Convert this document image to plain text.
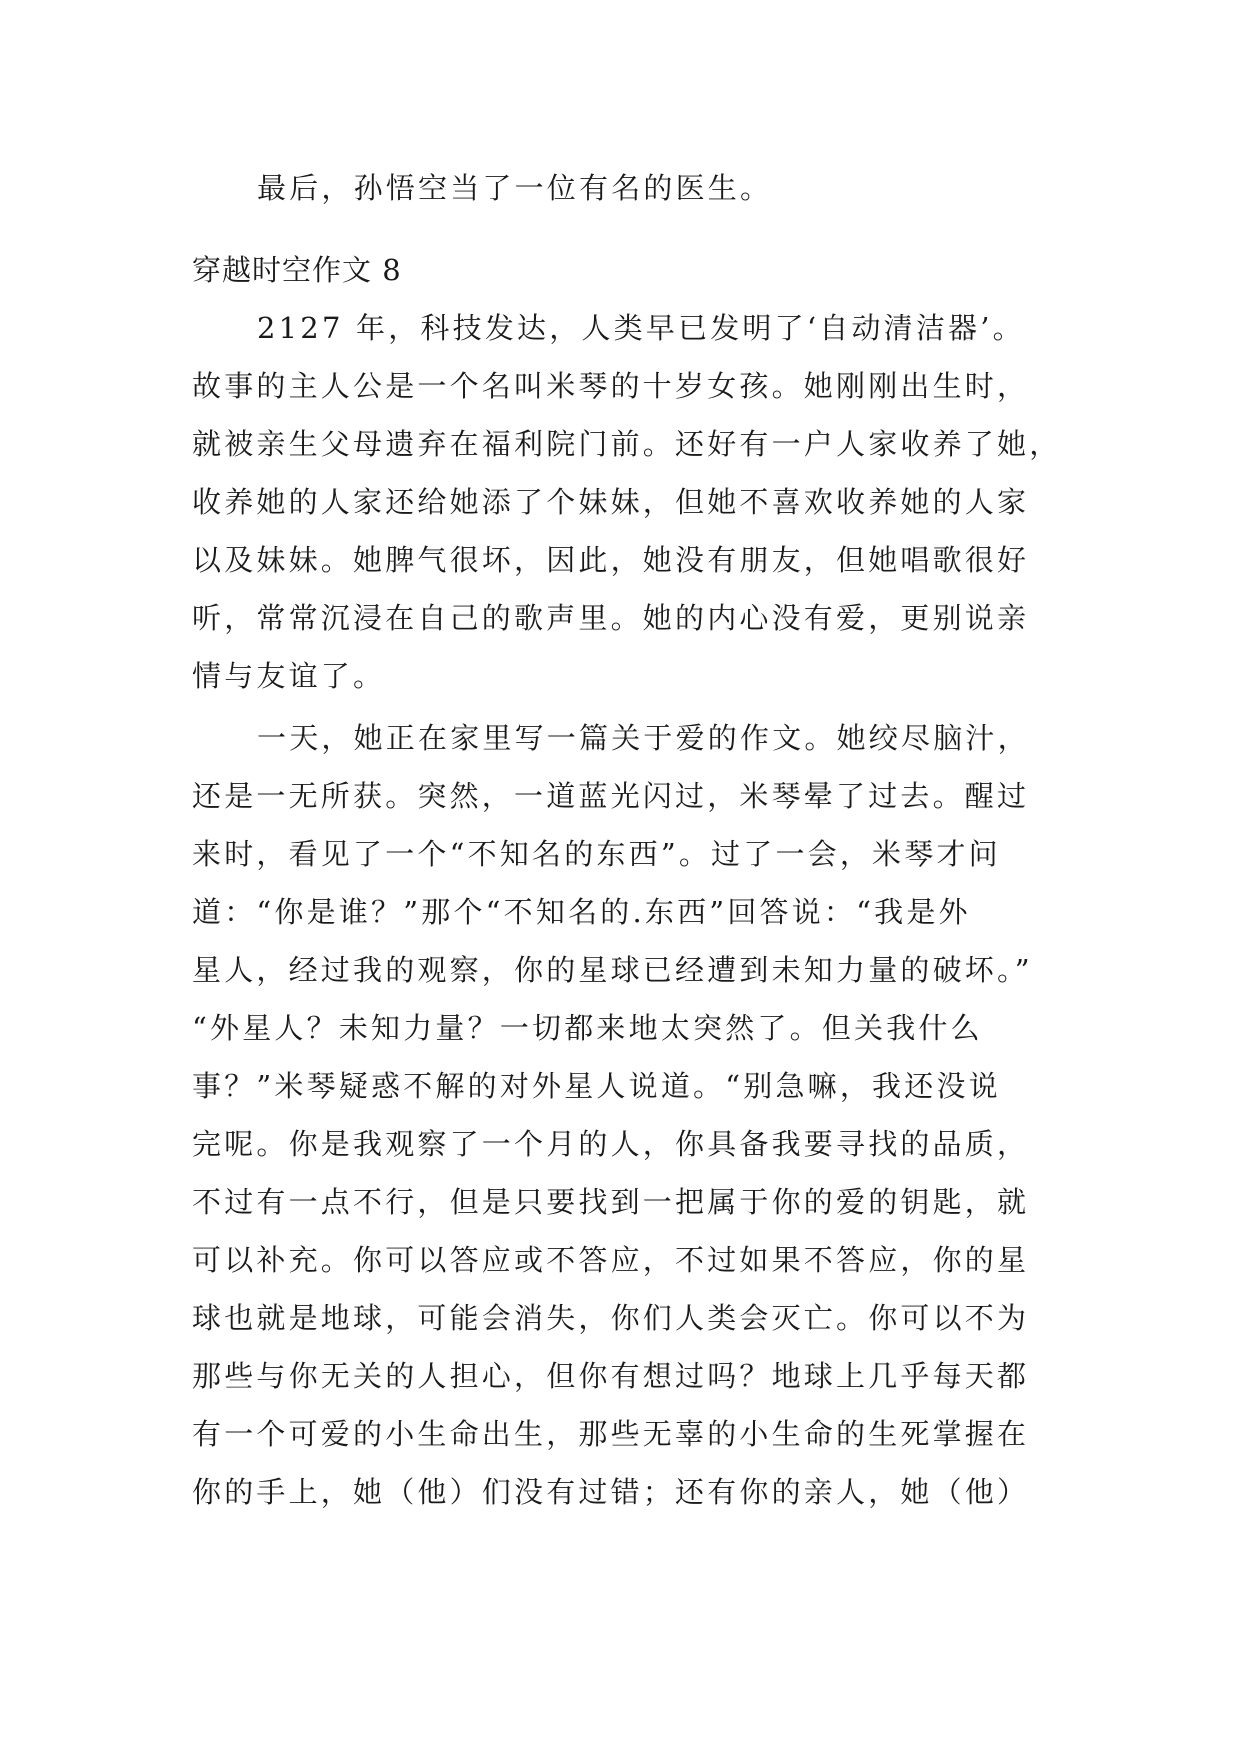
最后，孙悟空当了一位有名的医生。
穿越时空作文 8
2127 年，科技发达，人类早已发明了‘自动清洁器’。
故事的主人公是一个名叫米琴的十岁女孩。她刚刚出生时，
就被亲生父母遗弃在福利院门前。还好有一户人家收养了她，
收养她的人家还给她添了个妹妹，但她不喜欢收养她的人家
以及妹妹。她脾气很坏，因此，她没有朋友，但她唱歌很好
听，常常沉浸在自己的歌声里。她的内心没有爱，更别说亲
情与友谊了。
一天，她正在家里写一篇关于爱的作文。她绞尽脑汁，
还是一无所获。突然，一道蓝光闪过，米琴晕了过去。醒过
来时，看见了一个“不知名的东西”。过了一会，米琴才问
道：“你是谁？”那个“不知名的.东西”回答说：“我是外
星人，经过我的观察，你的星球已经遭到未知力量的破坏。”
“外星人？未知力量？一切都来地太突然了。但关我什么
事？”米琴疑惑不解的对外星人说道。“别急嘛，我还没说
完呢。你是我观察了一个月的人，你具备我要寻找的品质，
不过有一点不行，但是只要找到一把属于你的爱的钥匙，就
可以补充。你可以答应或不答应，不过如果不答应，你的星
球也就是地球，可能会消失，你们人类会灭亡。你可以不为
那些与你无关的人担心，但你有想过吗？地球上几乎每天都
有一个可爱的小生命出生，那些无辜的小生命的生死掌握在
你的手上，她（他）们没有过错；还有你的亲人，她（他）
